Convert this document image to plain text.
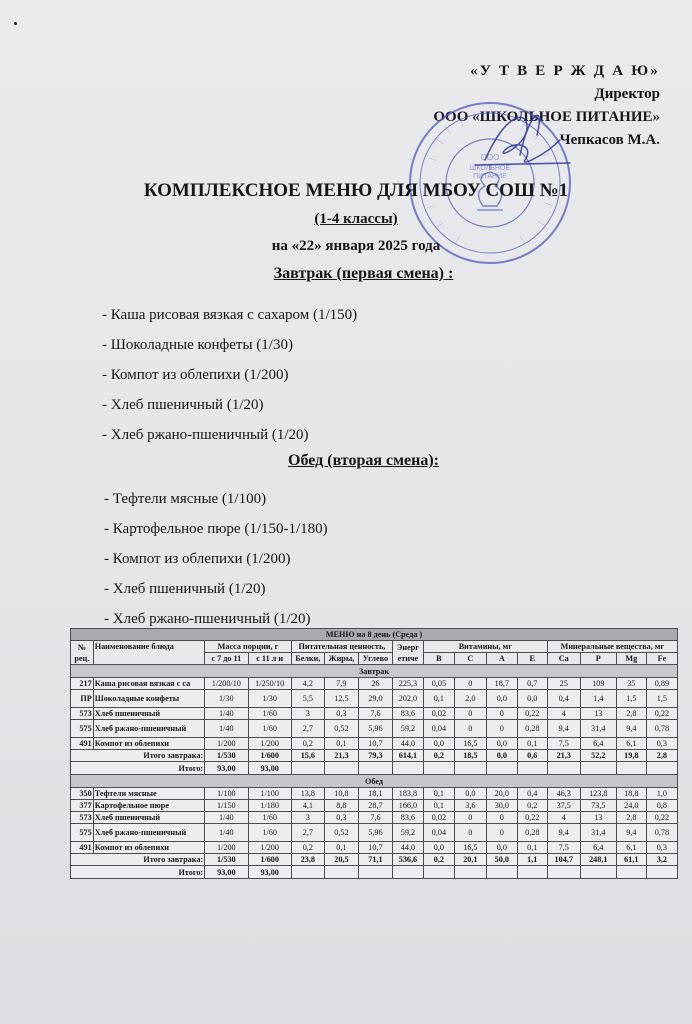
«У Т В Е Р Ж Д А Ю»
Директор
ООО «ШКОЛЬНОЕ ПИТАНИЕ»
Чепкасов М.А.
ООО
ШКОЛЬНОЕ
ПИТАНИЕ
КОМПЛЕКСНОЕ МЕНЮ ДЛЯ МБОУ СОШ №1
(1-4 классы)
на «22» января 2025 года
Завтрак (первая смена) :
- Каша рисовая вязкая с сахаром (1/150)
- Шоколадные конфеты (1/30)
- Компот из облепихи (1/200)
- Хлеб пшеничный (1/20)
- Хлеб ржано-пшеничный (1/20)
Обед (вторая смена):
- Тефтели мясные (1/100)
- Картофельное пюре (1/150-1/180)
- Компот из облепихи (1/200)
- Хлеб пшеничный (1/20)
- Хлеб ржано-пшеничный (1/20)
МЕНЮ на 8 день (Среда )															
№
рец.	Наименование блюда	Масса порции, г		Питательная ценность,			Энерг
етиче	Витамины, мг				Минеральные вещества, мг			
		с 7 до 11	с 11 л и	Белки,	Жиры,	Углево		B	C	A	E	Ca	P	Mg	Fe
Завтрак															
217	Каша рисовая вязкая с са	1/200/10	1/250/10	4,2	7,9	26	225,3	0,05	0	18,7	0,7	25	109	35	0,89
ПР	Шоколадные конфеты	1/30	1/30	5,5	12,5	29,0	202,0	0,1	2,0	0,0	0,0	0,4	1,4	1,5	1,5
573	Хлеб пшеничный	1/40	1/60	3	0,3	7,6	83,6	0,02	0	0	0,22	4	13	2,8	0,22
575	Хлеб ржано-пшеничный	1/40	1/60	2,7	0,52	5,96	59,2	0,04	0	0	0,28	9,4	31,4	9,4	0,78
491	Компот из облепихи	1/200	1/200	0,2	0,1	10,7	44,0	0,0	16,5	0,0	0,1	7,5	6,4	6,1	0,3
Итого завтрака:		1/530	1/600	15,6	21,3	79,3	614,1	0,2	18,5	0,0	0,6	21,3	52,2	19,8	2,8
Итого:		93,00	93,00												
Обед															
350	Тефтели мясные	1/100	1/100	13,8	10,8	18,1	183,8	0,1	0,0	20,0	0,4	46,3	123,8	18,8	1,0
377	Картофельное пюре	1/150	1/180	4,1	8,8	28,7	166,0	0,1	3,6	30,0	0,2	37,5	73,5	24,0	0,8
573	Хлеб пшеничный	1/40	1/60	3	0,3	7,6	83,6	0,02	0	0	0,22	4	13	2,8	0,22
575	Хлеб ржано-пшеничный	1/40	1/60	2,7	0,52	5,96	59,2	0,04	0	0	0,28	9,4	31,4	9,4	0,78
491	Компот из облепихи	1/200	1/200	0,2	0,1	10,7	44,0	0,0	16,5	0,0	0,1	7,5	6,4	6,1	0,3
Итого завтрака:		1/530	1/600	23,8	20,5	71,1	536,6	0,2	20,1	50,0	1,1	104,7	248,1	61,1	3,2
Итого:		93,00	93,00												
